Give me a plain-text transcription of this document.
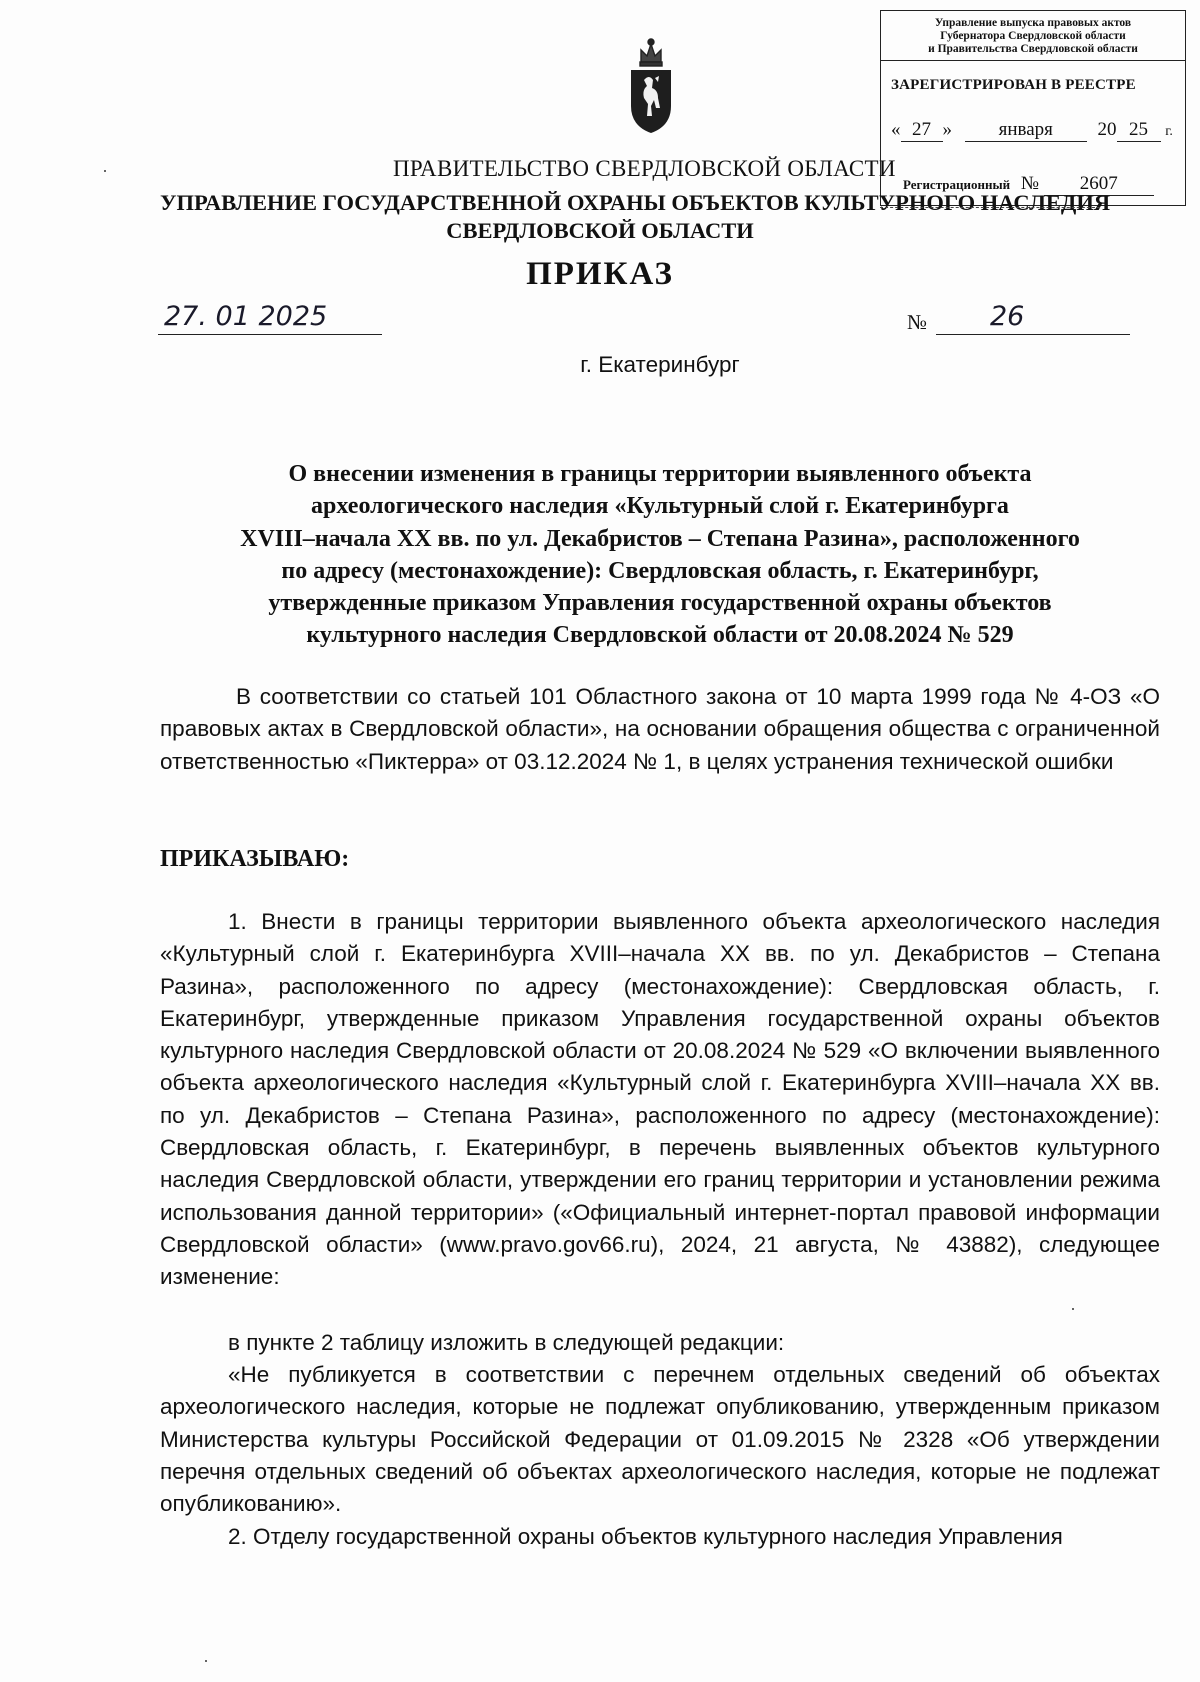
Управление выпуска правовых актов
Губернатора Свердловской области
и Правительства Свердловской области
ЗАРЕГИСТРИРОВАН В РЕЕСТРЕ
« 27 » января 20 25 г.
Регистрационный № 2607
ПРАВИТЕЛЬСТВО СВЕРДЛОВСКОЙ ОБЛАСТИ
УПРАВЛЕНИЕ ГОСУДАРСТВЕННОЙ ОХРАНЫ ОБЪЕКТОВ КУЛЬТУРНОГО НАСЛЕДИЯ
СВЕРДЛОВСКОЙ ОБЛАСТИ
ПРИКАЗ
27. 01 2025	№	26
г. Екатеринбург
О внесении изменения в границы территории выявленного объекта
археологического наследия «Культурный слой г. Екатеринбурга
XVIII–начала XX вв. по ул. Декабристов – Степана Разина», расположенного
по адресу (местонахождение): Свердловская область, г. Екатеринбург,
утвержденные приказом Управления государственной охраны объектов
культурного наследия Свердловской области от 20.08.2024 № 529
В соответствии со статьей 101 Областного закона от 10 марта 1999 года № 4-ОЗ «О правовых актах в Свердловской области», на основании обращения общества с ограниченной ответственностью «Пиктерра» от 03.12.2024 № 1, в целях устранения технической ошибки
ПРИКАЗЫВАЮ:
1. Внести в границы территории выявленного объекта археологического наследия «Культурный слой г. Екатеринбурга XVIII–начала XX вв. по ул. Декабристов – Степана Разина», расположенного по адресу (местонахождение): Свердловская область, г. Екатеринбург, утвержденные приказом Управления государственной охраны объектов культурного наследия Свердловской области от 20.08.2024 № 529 «О включении выявленного объекта археологического наследия «Культурный слой г. Екатеринбурга XVIII–начала XX вв. по ул. Декабристов – Степана Разина», расположенного по адресу (местонахождение): Свердловская область, г. Екатеринбург, в перечень выявленных объектов культурного наследия Свердловской области, утверждении его границ территории и установлении режима использования данной территории» («Официальный интернет-портал правовой информации Свердловской области» (www.pravo.gov66.ru), 2024, 21 августа, № 43882), следующее изменение:
в пункте 2 таблицу изложить в следующей редакции:
«Не публикуется в соответствии с перечнем отдельных сведений об объектах археологического наследия, которые не подлежат опубликованию, утвержденным приказом Министерства культуры Российской Федерации от 01.09.2015 № 2328 «Об утверждении перечня отдельных сведений об объектах археологического наследия, которые не подлежат опубликованию».
2. Отделу государственной охраны объектов культурного наследия Управления
